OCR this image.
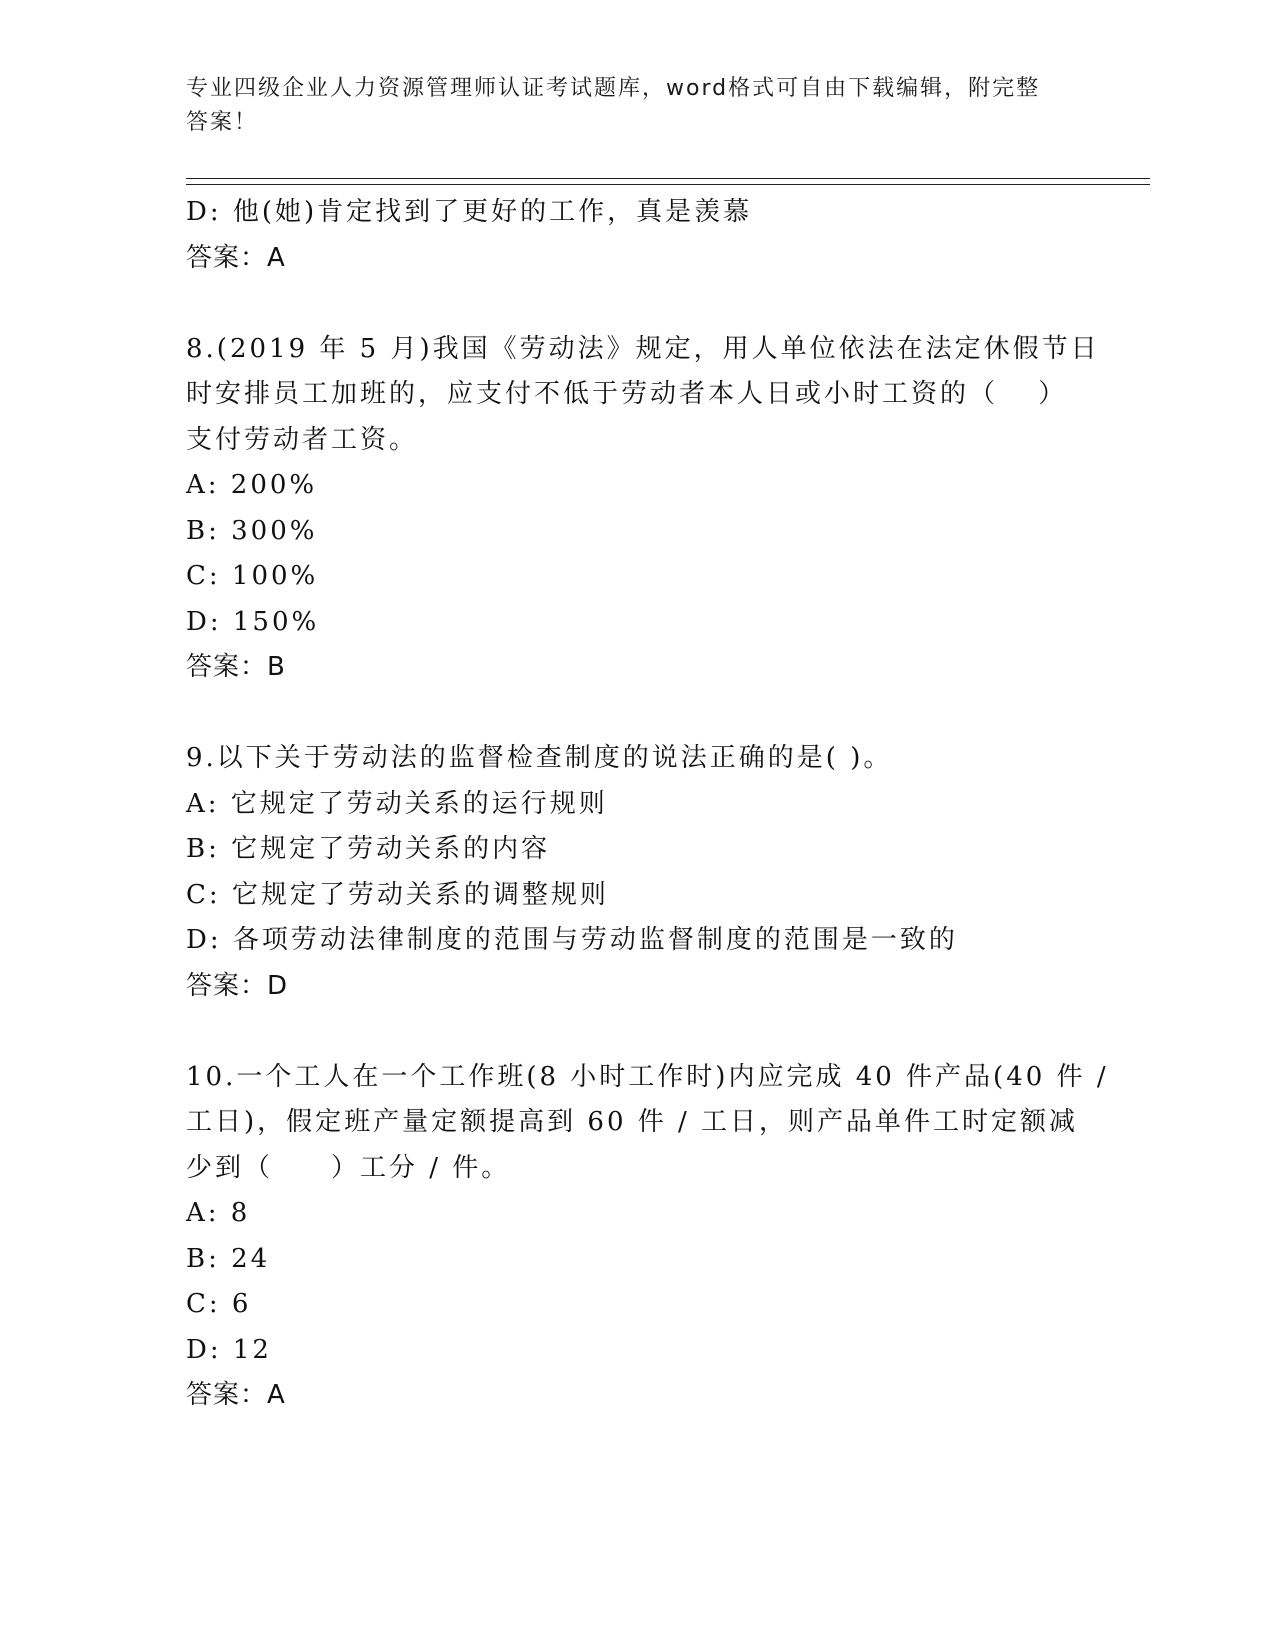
专业四级企业人力资源管理师认证考试题库，word格式可自由下载编辑，附完整
答案！
D: 他(她)肯定找到了更好的工作，真是羡慕
答案：A
8.(2019 年 5 月)我国《劳动法》规定，用人单位依法在法定休假节日
时安排员工加班的，应支付不低于劳动者本人日或小时工资的（　 ）
支付劳动者工资。
A: 200%
B: 300%
C: 100%
D: 150%
答案：B
9.以下关于劳动法的监督检查制度的说法正确的是( )。
A: 它规定了劳动关系的运行规则
B: 它规定了劳动关系的内容
C: 它规定了劳动关系的调整规则
D: 各项劳动法律制度的范围与劳动监督制度的范围是一致的
答案：D
10.一个工人在一个工作班(8 小时工作时)内应完成 40 件产品(40 件 /
工日)，假定班产量定额提高到 60 件 / 工日，则产品单件工时定额减
少到（　　）工分 / 件。
A: 8
B: 24
C: 6
D: 12
答案：A
